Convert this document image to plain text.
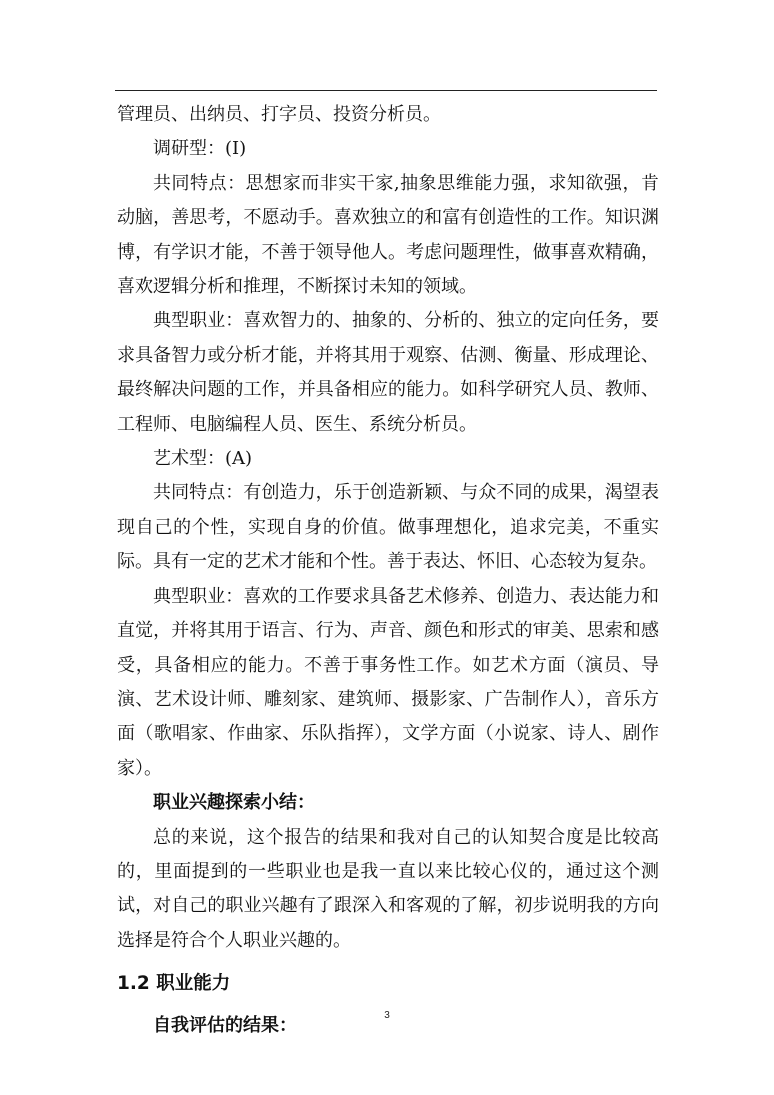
管理员、出纳员、打字员、投资分析员。

调研型：(I)

共同特点：思想家而非实干家,抽象思维能力强，求知欲强，肯动脑，善思考，不愿动手。喜欢独立的和富有创造性的工作。知识渊博，有学识才能，不善于领导他人。考虑问题理性，做事喜欢精确，喜欢逻辑分析和推理，不断探讨未知的领域。

典型职业：喜欢智力的、抽象的、分析的、独立的定向任务，要求具备智力或分析才能，并将其用于观察、估测、衡量、形成理论、最终解决问题的工作，并具备相应的能力。如科学研究人员、教师、工程师、电脑编程人员、医生、系统分析员。

艺术型：(A)

共同特点：有创造力，乐于创造新颖、与众不同的成果，渴望表现自己的个性，实现自身的价值。做事理想化，追求完美，不重实际。具有一定的艺术才能和个性。善于表达、怀旧、心态较为复杂。

典型职业：喜欢的工作要求具备艺术修养、创造力、表达能力和直觉，并将其用于语言、行为、声音、颜色和形式的审美、思索和感受，具备相应的能力。不善于事务性工作。如艺术方面（演员、导演、艺术设计师、雕刻家、建筑师、摄影家、广告制作人），音乐方面（歌唱家、作曲家、乐队指挥），文学方面（小说家、诗人、剧作家）。

职业兴趣探索小结：

总的来说，这个报告的结果和我对自己的认知契合度是比较高的，里面提到的一些职业也是我一直以来比较心仪的，通过这个测试，对自己的职业兴趣有了跟深入和客观的了解，初步说明我的方向选择是符合个人职业兴趣的。

1.2 职业能力

自我评估的结果：	3
